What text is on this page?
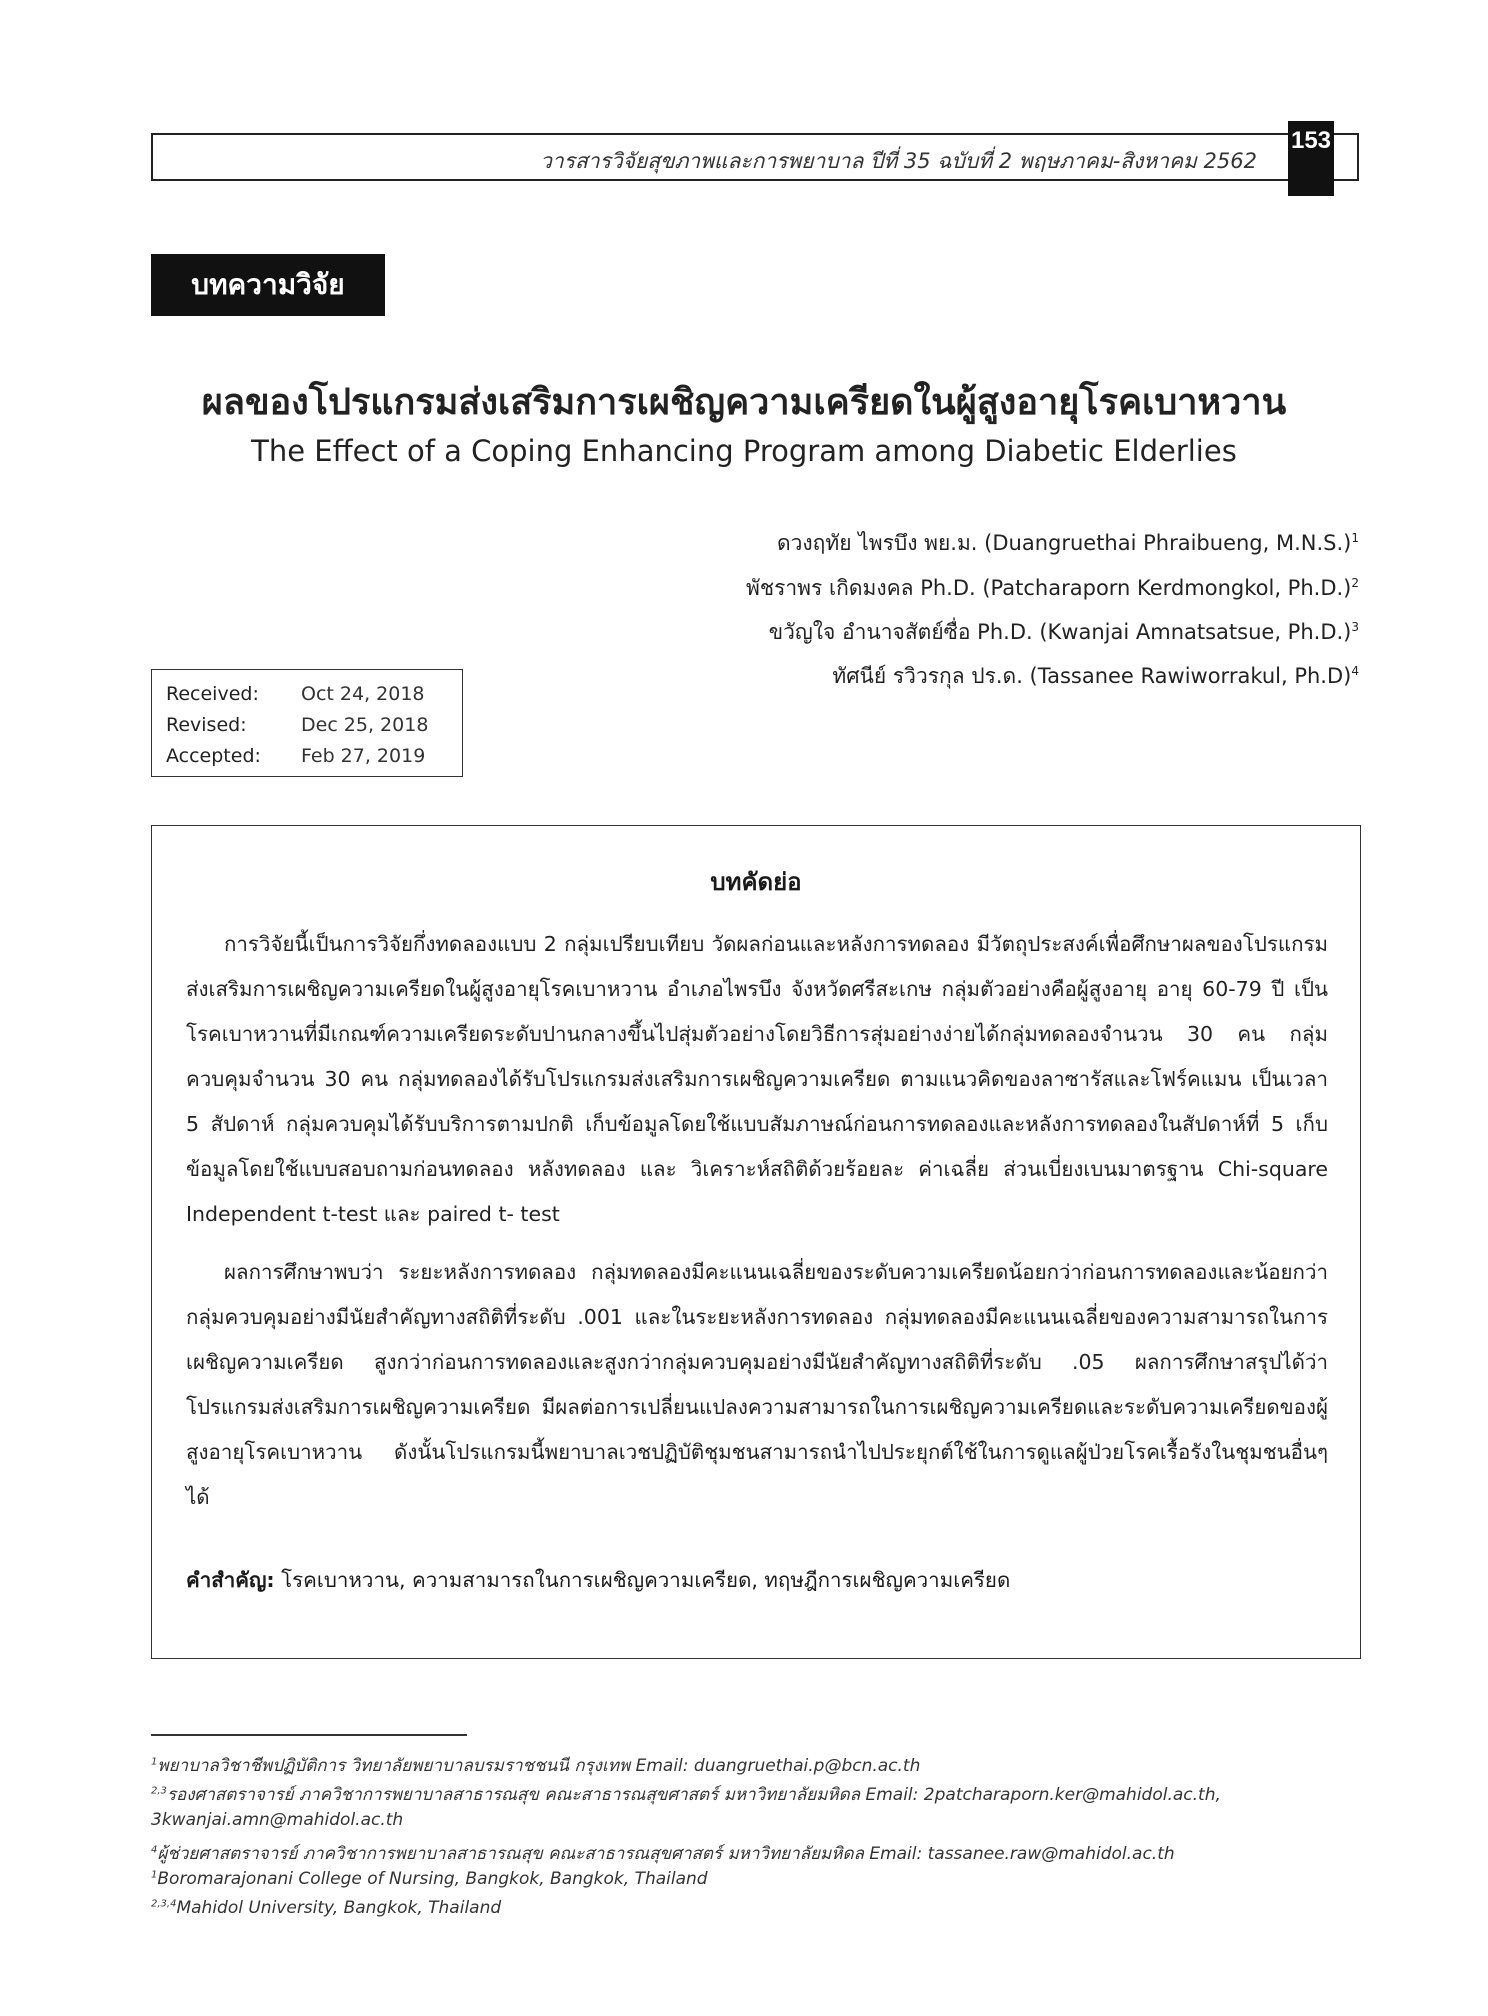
วารสารวิจัยสุขภาพและการพยาบาล ปีที่ 35 ฉบับที่ 2 พฤษภาคม-สิงหาคม 2562
153
บทความวิจัย
ผลของโปรแกรมส่งเสริมการเผชิญความเครียดในผู้สูงอายุโรคเบาหวาน
The Effect of a Coping Enhancing Program among Diabetic Elderlies
ดวงฤทัย ไพรบึง พย.ม. (Duangruethai Phraibueng, M.N.S.)$^1$
พัชราพร เกิดมงคล Ph.D. (Patcharaporn Kerdmongkol, Ph.D.)$^2$
ขวัญใจ อำนาจสัตย์ซื่อ Ph.D. (Kwanjai Amnatsatsue, Ph.D.)$^3$
ทัศนีย์ รวิวรกุล ปร.ด. (Tassanee Rawiworrakul, Ph.D)$^4$
Received:	Oct 24, 2018
Revised:	Dec 25, 2018
Accepted:	Feb 27, 2019
บทคัดย่อ
การวิจัยนี้เป็นการวิจัยกึ่งทดลองแบบ 2 กลุ่มเปรียบเทียบ วัดผลก่อนและหลังการทดลอง มีวัตถุประสงค์เพื่อศึกษาผลของโปรแกรมส่งเสริมการเผชิญความเครียดในผู้สูงอายุโรคเบาหวาน อำเภอไพรบึง จังหวัดศรีสะเกษ กลุ่มตัวอย่างคือผู้สูงอายุ อายุ 60-79 ปี เป็นโรคเบาหวานที่มีเกณฑ์ความเครียดระดับปานกลางขึ้นไปสุ่มตัวอย่างโดยวิธีการสุ่มอย่างง่ายได้กลุ่มทดลองจำนวน 30 คน กลุ่มควบคุมจำนวน 30 คน กลุ่มทดลองได้รับโปรแกรมส่งเสริมการเผชิญความเครียด ตามแนวคิดของลาซารัสและโฟร์คแมน เป็นเวลา 5 สัปดาห์ กลุ่มควบคุมได้รับบริการตามปกติ เก็บข้อมูลโดยใช้แบบสัมภาษณ์ก่อนการทดลองและหลังการทดลองในสัปดาห์ที่ 5 เก็บข้อมูลโดยใช้แบบสอบถามก่อนทดลอง หลังทดลอง และ วิเคราะห์สถิติด้วยร้อยละ ค่าเฉลี่ย ส่วนเบี่ยงเบนมาตรฐาน Chi-square Independent t-test และ paired t- test
ผลการศึกษาพบว่า ระยะหลังการทดลอง กลุ่มทดลองมีคะแนนเฉลี่ยของระดับความเครียดน้อยกว่าก่อนการทดลองและน้อยกว่ากลุ่มควบคุมอย่างมีนัยสำคัญทางสถิติที่ระดับ .001 และในระยะหลังการทดลอง กลุ่มทดลองมีคะแนนเฉลี่ยของความสามารถในการเผชิญความเครียด สูงกว่าก่อนการทดลองและสูงกว่ากลุ่มควบคุมอย่างมีนัยสำคัญทางสถิติที่ระดับ .05 ผลการศึกษาสรุปได้ว่า โปรแกรมส่งเสริมการเผชิญความเครียด มีผลต่อการเปลี่ยนแปลงความสามารถในการเผชิญความเครียดและระดับความเครียดของผู้สูงอายุโรคเบาหวาน ดังนั้นโปรแกรมนี้พยาบาลเวชปฏิบัติชุมชนสามารถนำไปประยุกต์ใช้ในการดูแลผู้ป่วยโรคเรื้อรังในชุมชนอื่นๆ ได้
คำสำคัญ: โรคเบาหวาน, ความสามารถในการเผชิญความเครียด, ทฤษฎีการเผชิญความเครียด
$^1$พยาบาลวิชาชีพปฏิบัติการ วิทยาลัยพยาบาลบรมราชชนนี กรุงเทพ Email: duangruethai.p@bcn.ac.th
$^{2,3}$รองศาสตราจารย์ ภาควิชาการพยาบาลสาธารณสุข คณะสาธารณสุขศาสตร์ มหาวิทยาลัยมหิดล Email: 2patcharaporn.ker@mahidol.ac.th,
3kwanjai.amn@mahidol.ac.th
$^4$ผู้ช่วยศาสตราจารย์ ภาควิชาการพยาบาลสาธารณสุข คณะสาธารณสุขศาสตร์ มหาวิทยาลัยมหิดล Email: tassanee.raw@mahidol.ac.th
$^1$Boromarajonani College of Nursing, Bangkok, Bangkok, Thailand
$^{2,3,4}$Mahidol University, Bangkok, Thailand
